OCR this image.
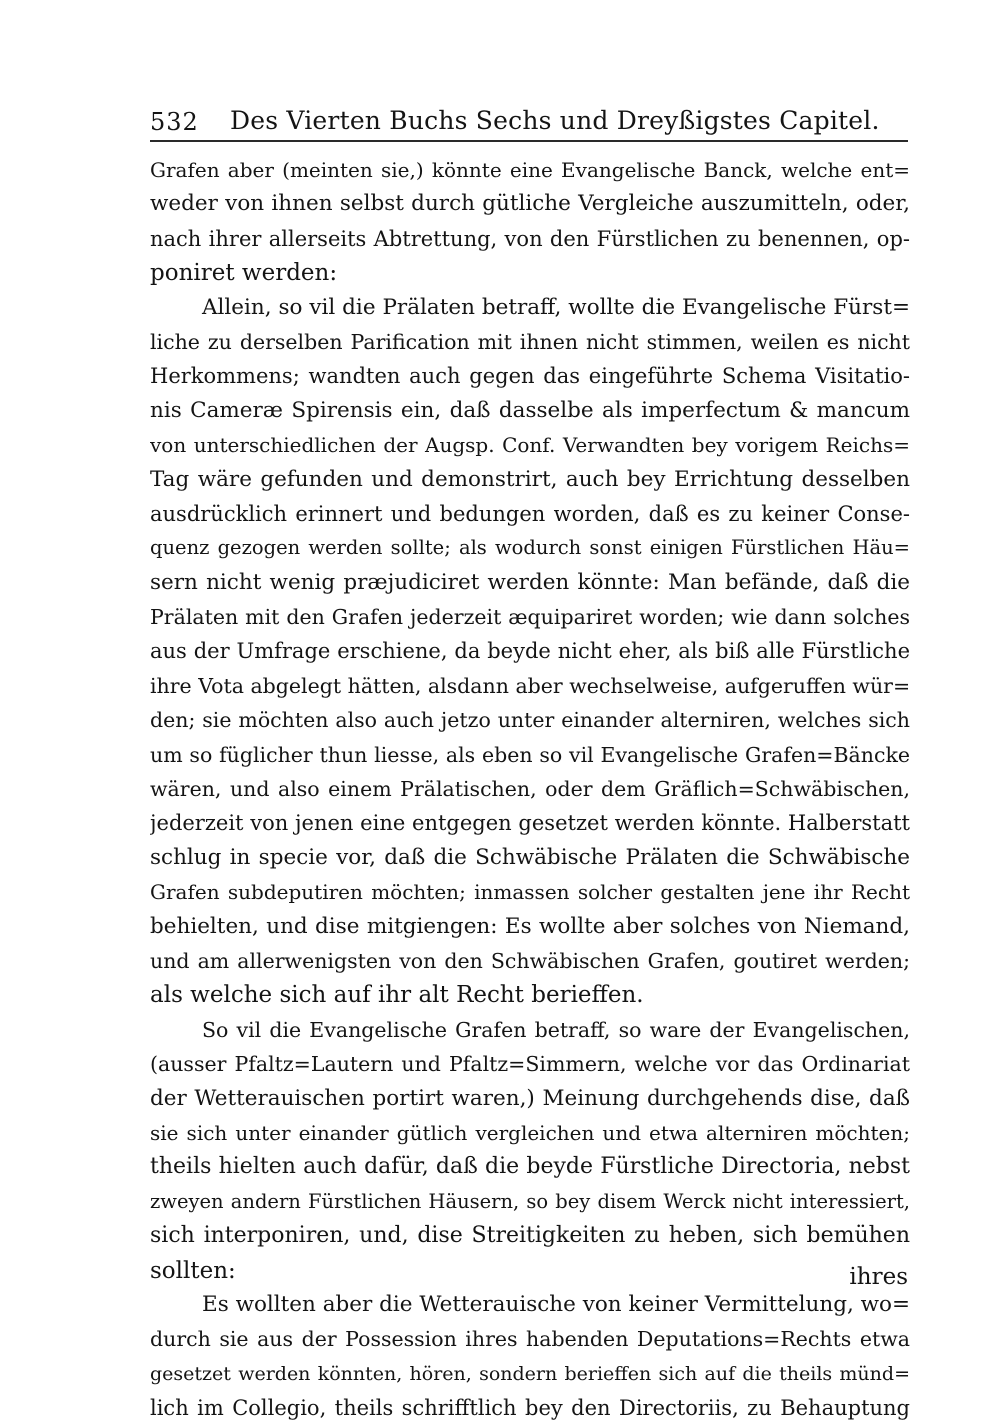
532 Des Vierten Buchs Sechs und Dreyßigstes Capitel.
Grafen aber (meinten sie,) könnte eine Evangelische Banck, welche ent=
weder von ihnen selbst durch gütliche Vergleiche auszumitteln, oder,
nach ihrer allerseits Abtrettung, von den Fürstlichen zu benennen, op-
poniret werden:
Allein, so vil die Prälaten betraff, wollte die Evangelische Fürst=
liche zu derselben Parification mit ihnen nicht stimmen, weilen es nicht
Herkommens; wandten auch gegen das eingeführte Schema Visitatio-
nis Cameræ Spirensis ein, daß dasselbe als imperfectum & mancum
von unterschiedlichen der Augsp. Conf. Verwandten bey vorigem Reichs=
Tag wäre gefunden und demonstrirt, auch bey Errichtung desselben
ausdrücklich erinnert und bedungen worden, daß es zu keiner Conse-
quenz gezogen werden sollte; als wodurch sonst einigen Fürstlichen Häu=
sern nicht wenig præjudiciret werden könnte: Man befände, daß die
Prälaten mit den Grafen jederzeit æquipariret worden; wie dann solches
aus der Umfrage erschiene, da beyde nicht eher, als biß alle Fürstliche
ihre Vota abgelegt hätten, alsdann aber wechselweise, aufgeruffen wür=
den; sie möchten also auch jetzo unter einander alterniren, welches sich
um so füglicher thun liesse, als eben so vil Evangelische Grafen=Bäncke
wären, und also einem Prälatischen, oder dem Gräflich=Schwäbischen,
jederzeit von jenen eine entgegen gesetzet werden könnte. Halberstatt
schlug in specie vor, daß die Schwäbische Prälaten die Schwäbische
Grafen subdeputiren möchten; inmassen solcher gestalten jene ihr Recht
behielten, und dise mitgiengen: Es wollte aber solches von Niemand,
und am allerwenigsten von den Schwäbischen Grafen, goutiret werden;
als welche sich auf ihr alt Recht berieffen.
So vil die Evangelische Grafen betraff, so ware der Evangelischen,
(ausser Pfaltz=Lautern und Pfaltz=Simmern, welche vor das Ordinariat
der Wetterauischen portirt waren,) Meinung durchgehends dise, daß
sie sich unter einander gütlich vergleichen und etwa alterniren möchten;
theils hielten auch dafür, daß die beyde Fürstliche Directoria, nebst
zweyen andern Fürstlichen Häusern, so bey disem Werck nicht interessiert,
sich interponiren, und, dise Streitigkeiten zu heben, sich bemühen
sollten:
Es wollten aber die Wetterauische von keiner Vermittelung, wo=
durch sie aus der Possession ihres habenden Deputations=Rechts etwa
gesetzet werden könnten, hören, sondern berieffen sich auf die theils münd=
lich im Collegio, theils schrifftlich bey den Directoriis, zu Behauptung
ihres
